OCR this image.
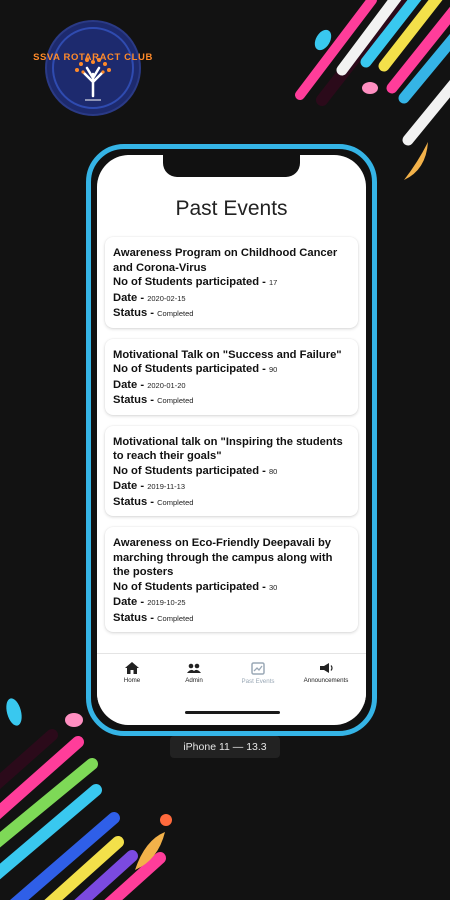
SSVA ROTARACT CLUB
Past Events
Awareness Program on Childhood Cancer and Corona-Virus
No of Students participated - 17
Date - 2020-02-15
Status - Completed
Motivational Talk on "Success and Failure"
No of Students participated - 90
Date - 2020-01-20
Status - Completed
Motivational talk on "Inspiring the students to reach their goals"
No of Students participated - 80
Date - 2019-11-13
Status - Completed
Awareness on Eco-Friendly Deepavali by marching through the campus along with the posters
No of Students participated - 30
Date - 2019-10-25
Status - Completed
Home	Admin	Past Events	Announcements
iPhone 11 — 13.3
